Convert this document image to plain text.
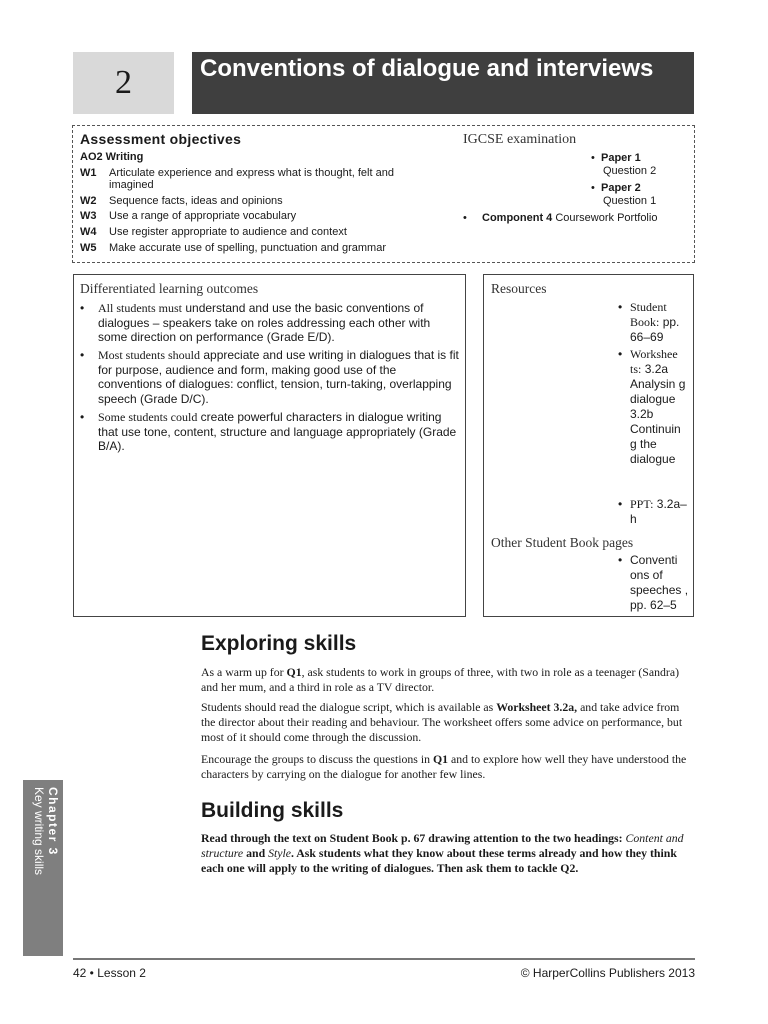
2	Conventions of dialogue and interviews
Assessment objectives
AO2 Writing
W1	Articulate experience and express what is thought, felt and imagined
W2	Sequence facts, ideas and opinions
W3	Use a range of appropriate vocabulary
W4	Use register appropriate to audience and context
W5	Make accurate use of spelling, punctuation and grammar
IGCSE examination
• Paper 1
Question 2
• Paper 2
Question 1
• Component 4 Coursework Portfolio
Differentiated learning outcomes
•	All students must understand and use the basic conventions of dialogues – speakers take on roles addressing each other with some direction on performance (Grade E/D).
•	Most students should appreciate and use writing in dialogues that is fit for purpose, audience and form, making good use of the conventions of dialogues: conflict, tension, turn-taking, overlapping speech (Grade D/C).
•	Some students could create powerful characters in dialogue writing that use tone, content, structure and language appropriately (Grade B/A).
Resources
• Student Book: pp. 66–69
• Workshee ts: 3.2a Analysin g dialogue 3.2b Continuin g the dialogue
• PPT: 3.2a–h
Other Student Book pages
• Conventi ons of speeches , pp. 62–5
Exploring skills
As a warm up for Q1, ask students to work in groups of three, with two in role as a teenager (Sandra) and her mum, and a third in role as a TV director.
Students should read the dialogue script, which is available as Worksheet 3.2a, and take advice from the director about their reading and behaviour. The worksheet offers some advice on performance, but most of it should come through the discussion.
Encourage the groups to discuss the questions in Q1 and to explore how well they have understood the characters by carrying on the dialogue for another few lines.
Building skills
Read through the text on Student Book p. 67 drawing attention to the two headings: Content and structure and Style. Ask students what they know about these terms already and how they think each one will apply to the writing of dialogues. Then ask them to tackle Q2.
Chapter 3
Key writing skills
42 • Lesson 2	© HarperCollins Publishers 2013
